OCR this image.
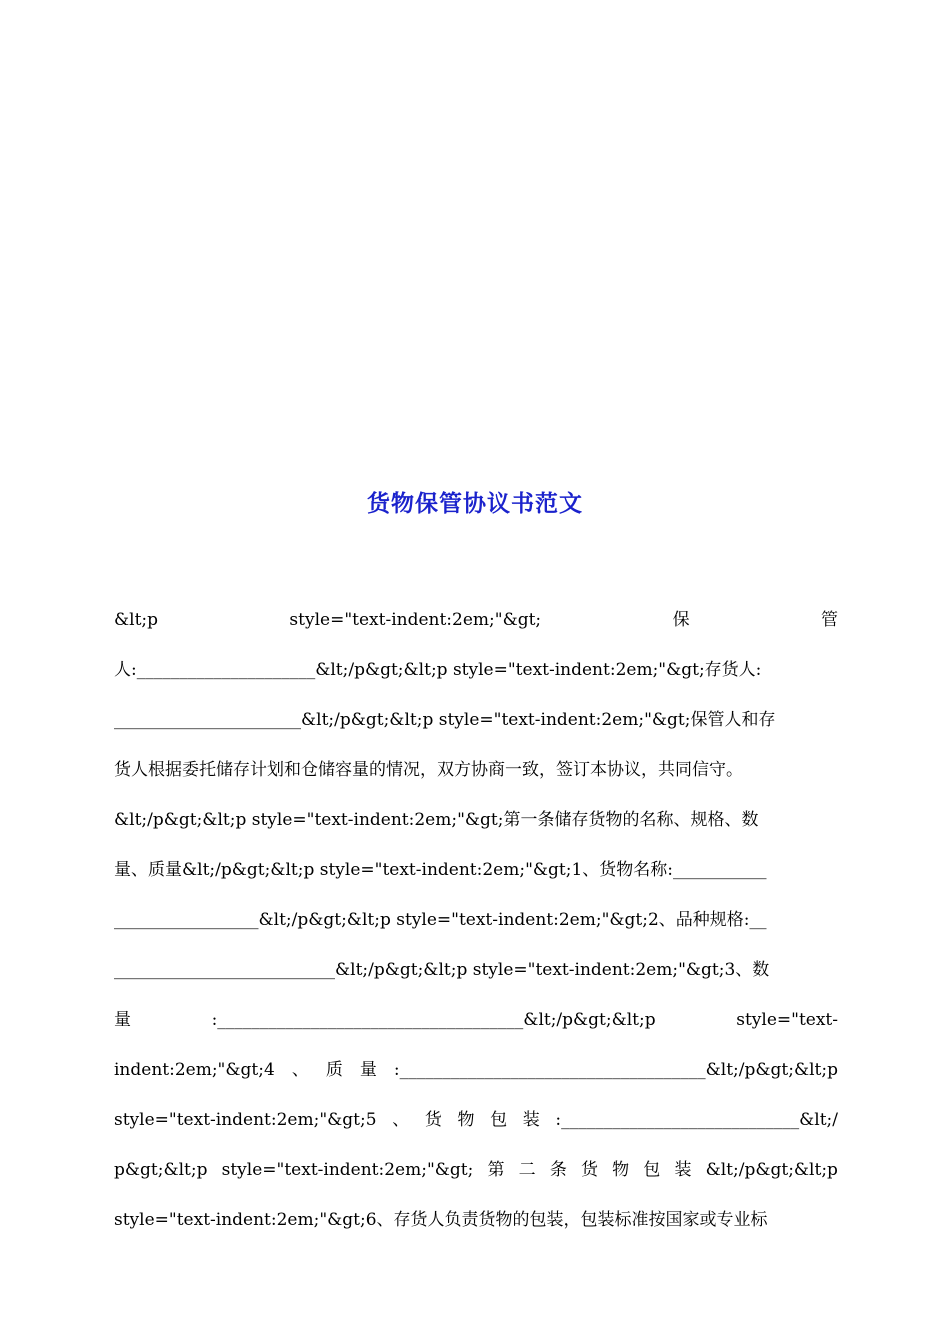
货物保管协议书范文
&lt;p	style="text-indent:2em;"&gt;	保	管
人:_____________________&lt;/p&gt;&lt;p style="text-indent:2em;"&gt;存货人:
______________________&lt;/p&gt;&lt;p style="text-indent:2em;"&gt;保管人和存
货人根据委托储存计划和仓储容量的情况，双方协商一致，签订本协议，共同信守。
&lt;/p&gt;&lt;p style="text-indent:2em;"&gt;第一条储存货物的名称、规格、数
量、质量&lt;/p&gt;&lt;p style="text-indent:2em;"&gt;1、货物名称:___________
_________________&lt;/p&gt;&lt;p style="text-indent:2em;"&gt;2、品种规格:__
__________________________&lt;/p&gt;&lt;p style="text-indent:2em;"&gt;3、数
量	:____________________________________&lt;/p&gt;&lt;p	style="text-
indent:2em;"&gt;4 、 质 量 :____________________________________&lt;/p&gt;&lt;p
style="text-indent:2em;"&gt;5 、 货 物 包 装 :____________________________&lt;/
p&gt;&lt;p style="text-indent:2em;"&gt; 第 二 条 货 物 包 装 &lt;/p&gt;&lt;p
style="text-indent:2em;"&gt;6、存货人负责货物的包装，包装标准按国家或专业标
